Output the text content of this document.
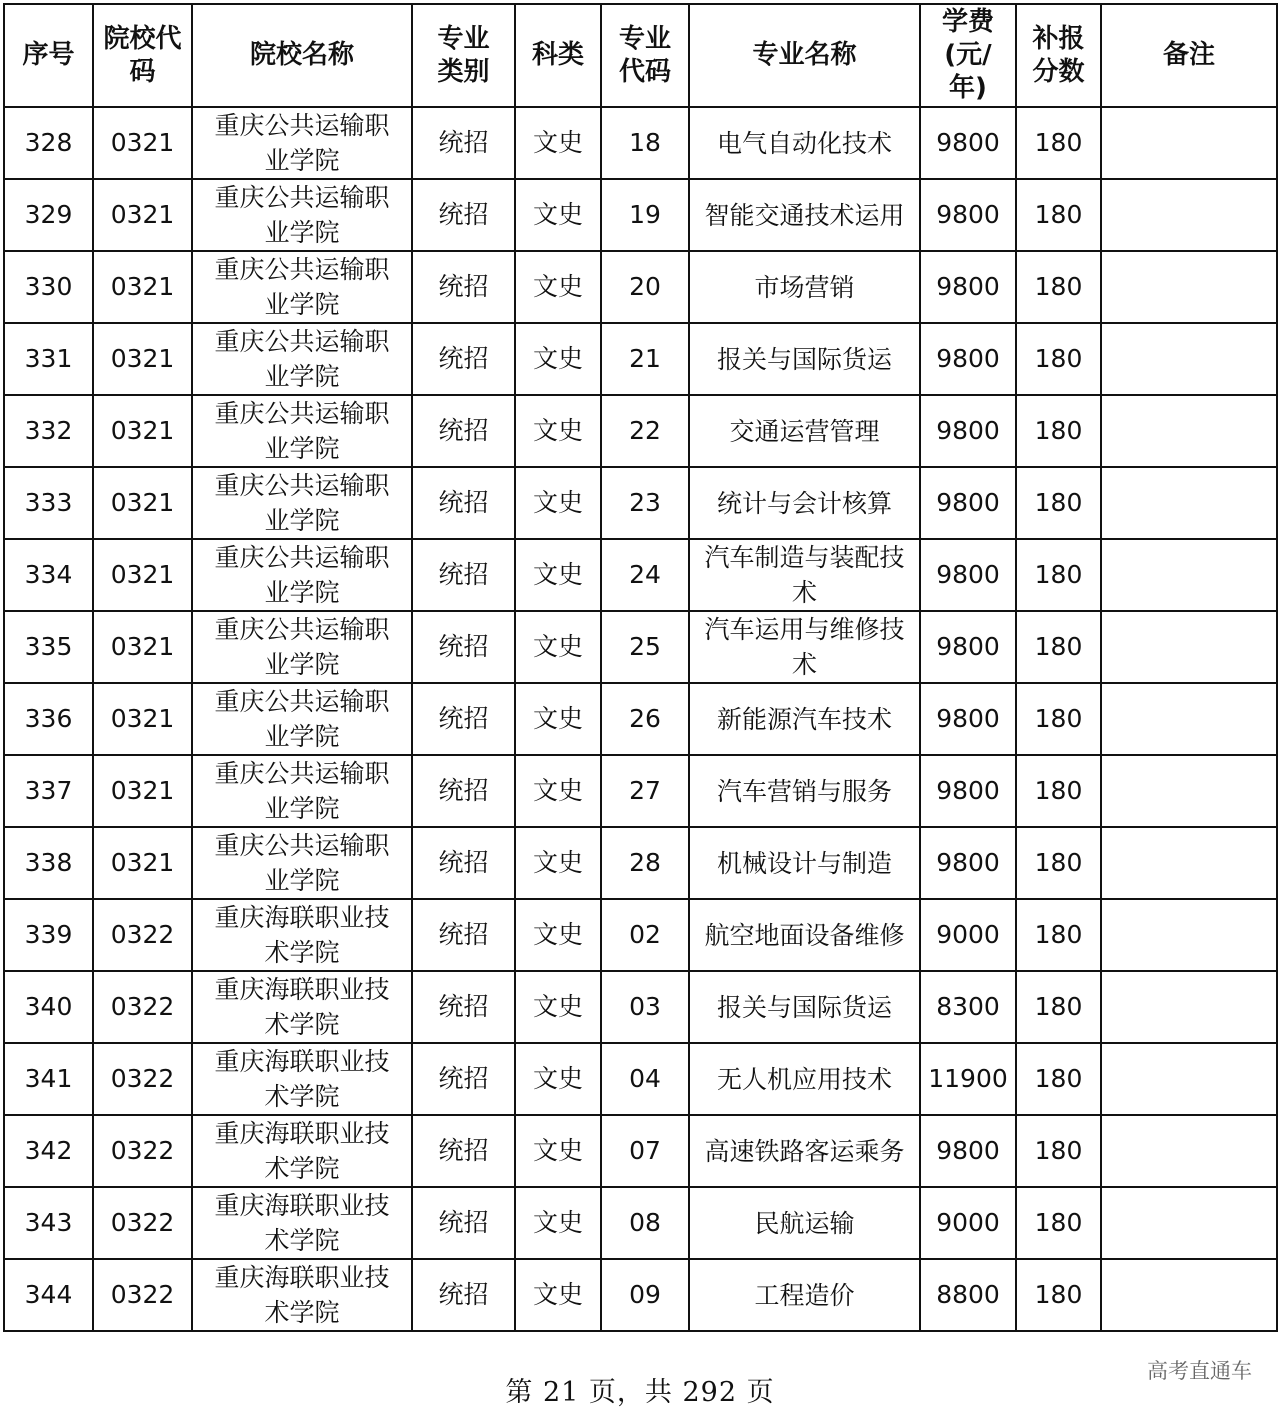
序号	院校代码	院校名称	专业类别	科类	专业代码	专业名称	学费(元/年)	补报分数	备注
328	0321	重庆公共运输职业学院	统招	文史	18	电气自动化技术	9800	180	
329	0321	重庆公共运输职业学院	统招	文史	19	智能交通技术运用	9800	180	
330	0321	重庆公共运输职业学院	统招	文史	20	市场营销	9800	180	
331	0321	重庆公共运输职业学院	统招	文史	21	报关与国际货运	9800	180	
332	0321	重庆公共运输职业学院	统招	文史	22	交通运营管理	9800	180	
333	0321	重庆公共运输职业学院	统招	文史	23	统计与会计核算	9800	180	
334	0321	重庆公共运输职业学院	统招	文史	24	汽车制造与装配技术	9800	180	
335	0321	重庆公共运输职业学院	统招	文史	25	汽车运用与维修技术	9800	180	
336	0321	重庆公共运输职业学院	统招	文史	26	新能源汽车技术	9800	180	
337	0321	重庆公共运输职业学院	统招	文史	27	汽车营销与服务	9800	180	
338	0321	重庆公共运输职业学院	统招	文史	28	机械设计与制造	9800	180	
339	0322	重庆海联职业技术学院	统招	文史	02	航空地面设备维修	9000	180	
340	0322	重庆海联职业技术学院	统招	文史	03	报关与国际货运	8300	180	
341	0322	重庆海联职业技术学院	统招	文史	04	无人机应用技术	11900	180	
342	0322	重庆海联职业技术学院	统招	文史	07	高速铁路客运乘务	9800	180	
343	0322	重庆海联职业技术学院	统招	文史	08	民航运输	9000	180	
344	0322	重庆海联职业技术学院	统招	文史	09	工程造价	8800	180	
第 21 页，共 292 页
高考直通车
